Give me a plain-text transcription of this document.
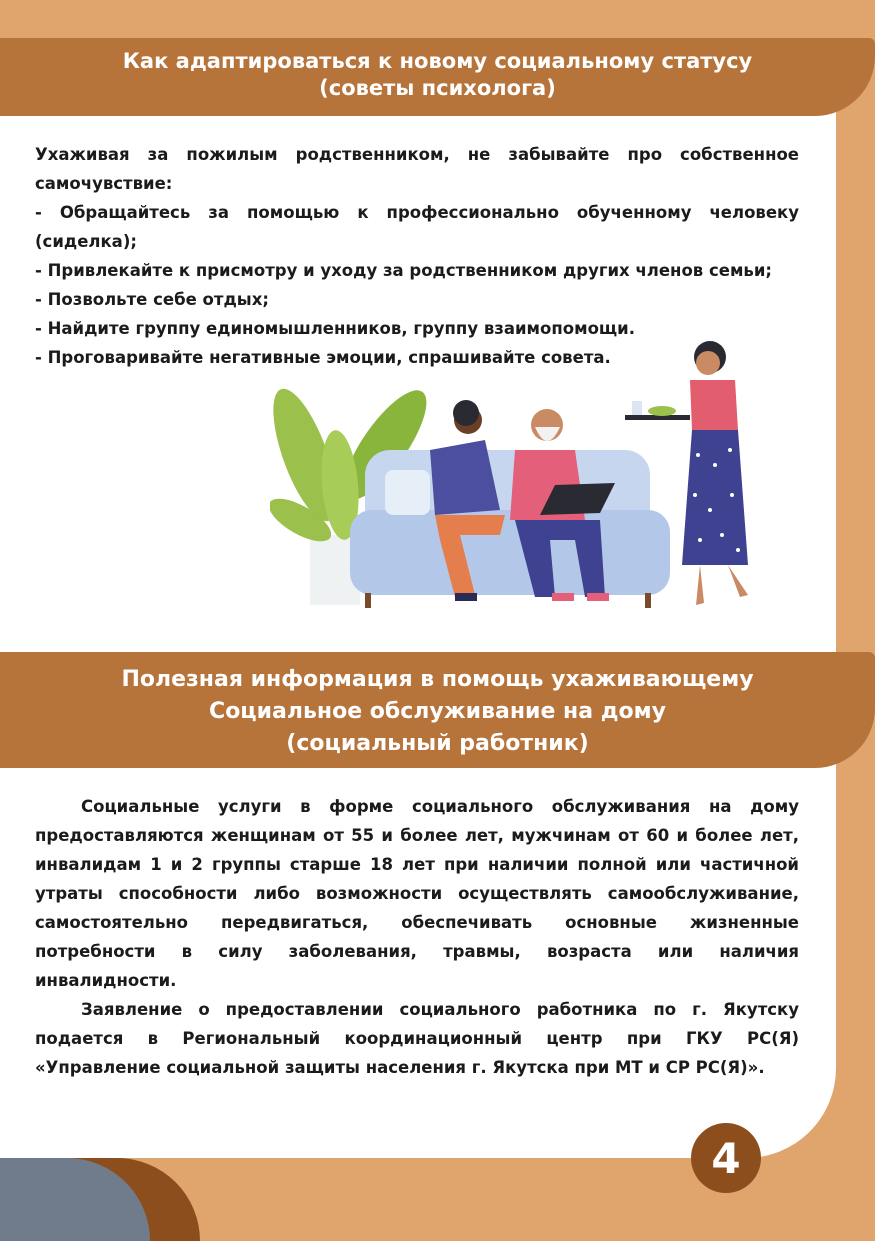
Как адаптироваться к новому социальному статусу
(советы психолога)

Ухаживая за пожилым родственником, не забывайте про собственное самочувствие:

- Обращайтесь за помощью к профессионально обученному человеку (сиделка);

- Привлекайте к присмотру и уходу за родственником других членов семьи;

- Позвольте себе отдых;

- Найдите группу единомышленников, группу взаимопомощи.

- Проговаривайте негативные эмоции, спрашивайте совета.

Полезная информация в помощь ухаживающему
Социальное обслуживание на дому
(социальный работник)

Социальные услуги в форме социального обслуживания на дому предоставляются женщинам от 55 и более лет, мужчинам от 60 и более лет, инвалидам 1 и 2 группы старше 18 лет при наличии полной или частичной утраты способности либо возможности осуществлять самообслуживание, самостоятельно передвигаться, обеспечивать основные жизненные потребности в силу заболевания, травмы, возраста или наличия инвалидности.

Заявление о предоставлении социального работника по г. Якутску подается в Региональный координационный центр при ГКУ РС(Я) «Управление социальной защиты населения г. Якутска при МТ и СР РС(Я)».

4
